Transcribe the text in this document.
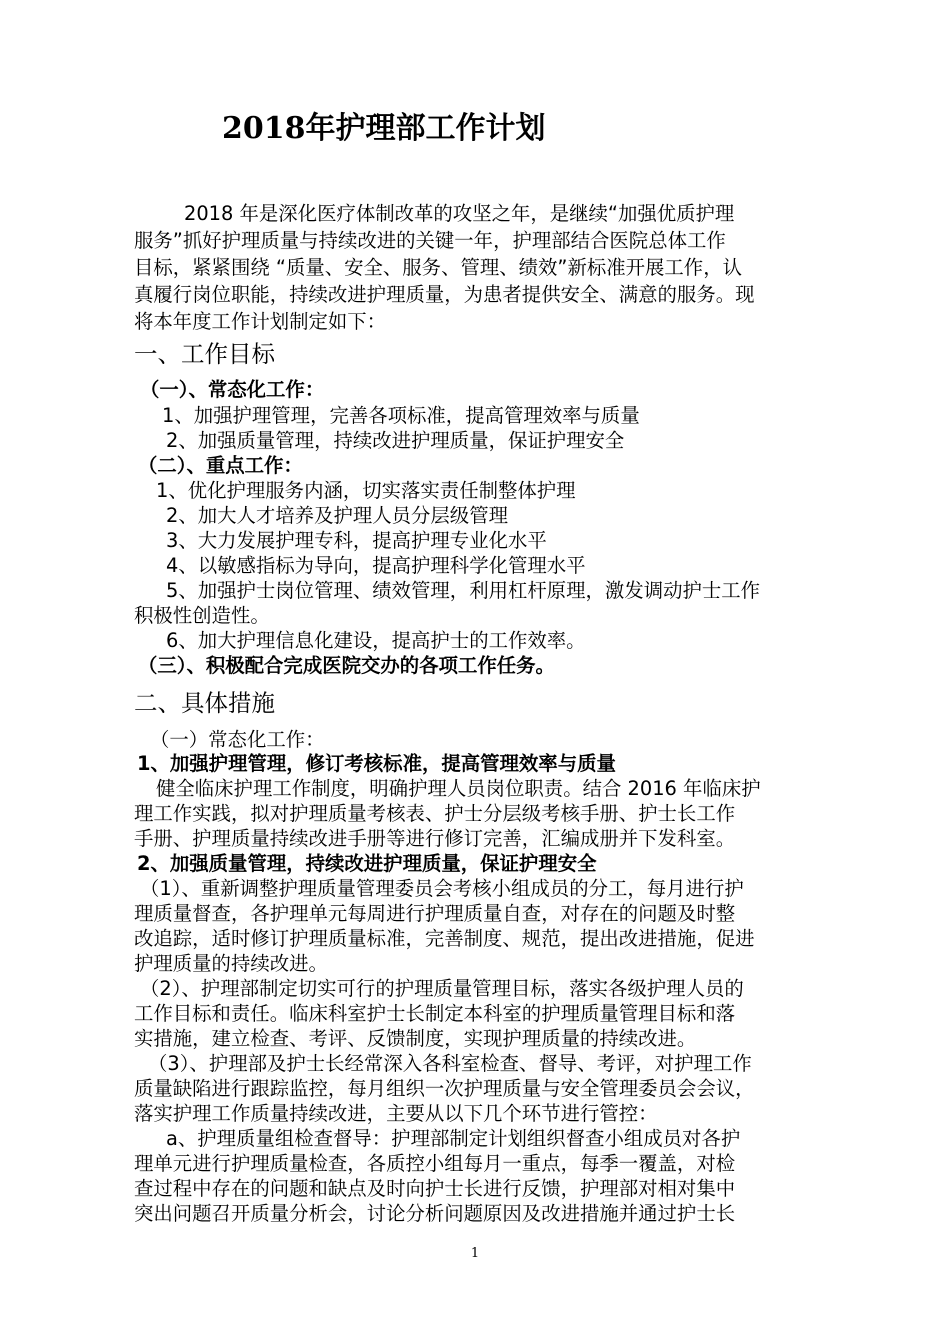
2018年护理部工作计划
2018 年是深化医疗体制改革的攻坚之年，是继续“加强优质护理
服务”抓好护理质量与持续改进的关键一年，护理部结合医院总体工作
目标，紧紧围绕 “质量、安全、服务、管理、绩效”新标准开展工作，认
真履行岗位职能，持续改进护理质量，为患者提供安全、满意的服务。现
将本年度工作计划制定如下：
一、工作目标
（一）、常态化工作：
1、加强护理管理，完善各项标准，提高管理效率与质量
2、加强质量管理，持续改进护理质量，保证护理安全
（二）、重点工作：
1、优化护理服务内涵，切实落实责任制整体护理
2、加大人才培养及护理人员分层级管理
3、大力发展护理专科，提高护理专业化水平
4、以敏感指标为导向，提高护理科学化管理水平
5、加强护士岗位管理、绩效管理，利用杠杆原理，激发调动护士工作
积极性创造性。
6、加大护理信息化建设，提高护士的工作效率。
（三）、积极配合完成医院交办的各项工作任务。
二、具体措施
（一）常态化工作：
1、加强护理管理，修订考核标准，提高管理效率与质量
健全临床护理工作制度，明确护理人员岗位职责。结合 2016 年临床护
理工作实践，拟对护理质量考核表、护士分层级考核手册、护士长工作
手册、护理质量持续改进手册等进行修订完善，汇编成册并下发科室。
2、加强质量管理，持续改进护理质量，保证护理安全
（1）、重新调整护理质量管理委员会考核小组成员的分工，每月进行护
理质量督查，各护理单元每周进行护理质量自查，对存在的问题及时整
改追踪，适时修订护理质量标准，完善制度、规范，提出改进措施，促进
护理质量的持续改进。
（2）、护理部制定切实可行的护理质量管理目标，落实各级护理人员的
工作目标和责任。临床科室护士长制定本科室的护理质量管理目标和落
实措施，建立检查、考评、反馈制度，实现护理质量的持续改进。
（3）、护理部及护士长经常深入各科室检查、督导、考评，对护理工作
质量缺陷进行跟踪监控，每月组织一次护理质量与安全管理委员会会议，
落实护理工作质量持续改进，主要从以下几个环节进行管控：
a、护理质量组检查督导：护理部制定计划组织督查小组成员对各护
理单元进行护理质量检查，各质控小组每月一重点，每季一覆盖，对检
查过程中存在的问题和缺点及时向护士长进行反馈，护理部对相对集中
突出问题召开质量分析会，讨论分析问题原因及改进措施并通过护士长
1
